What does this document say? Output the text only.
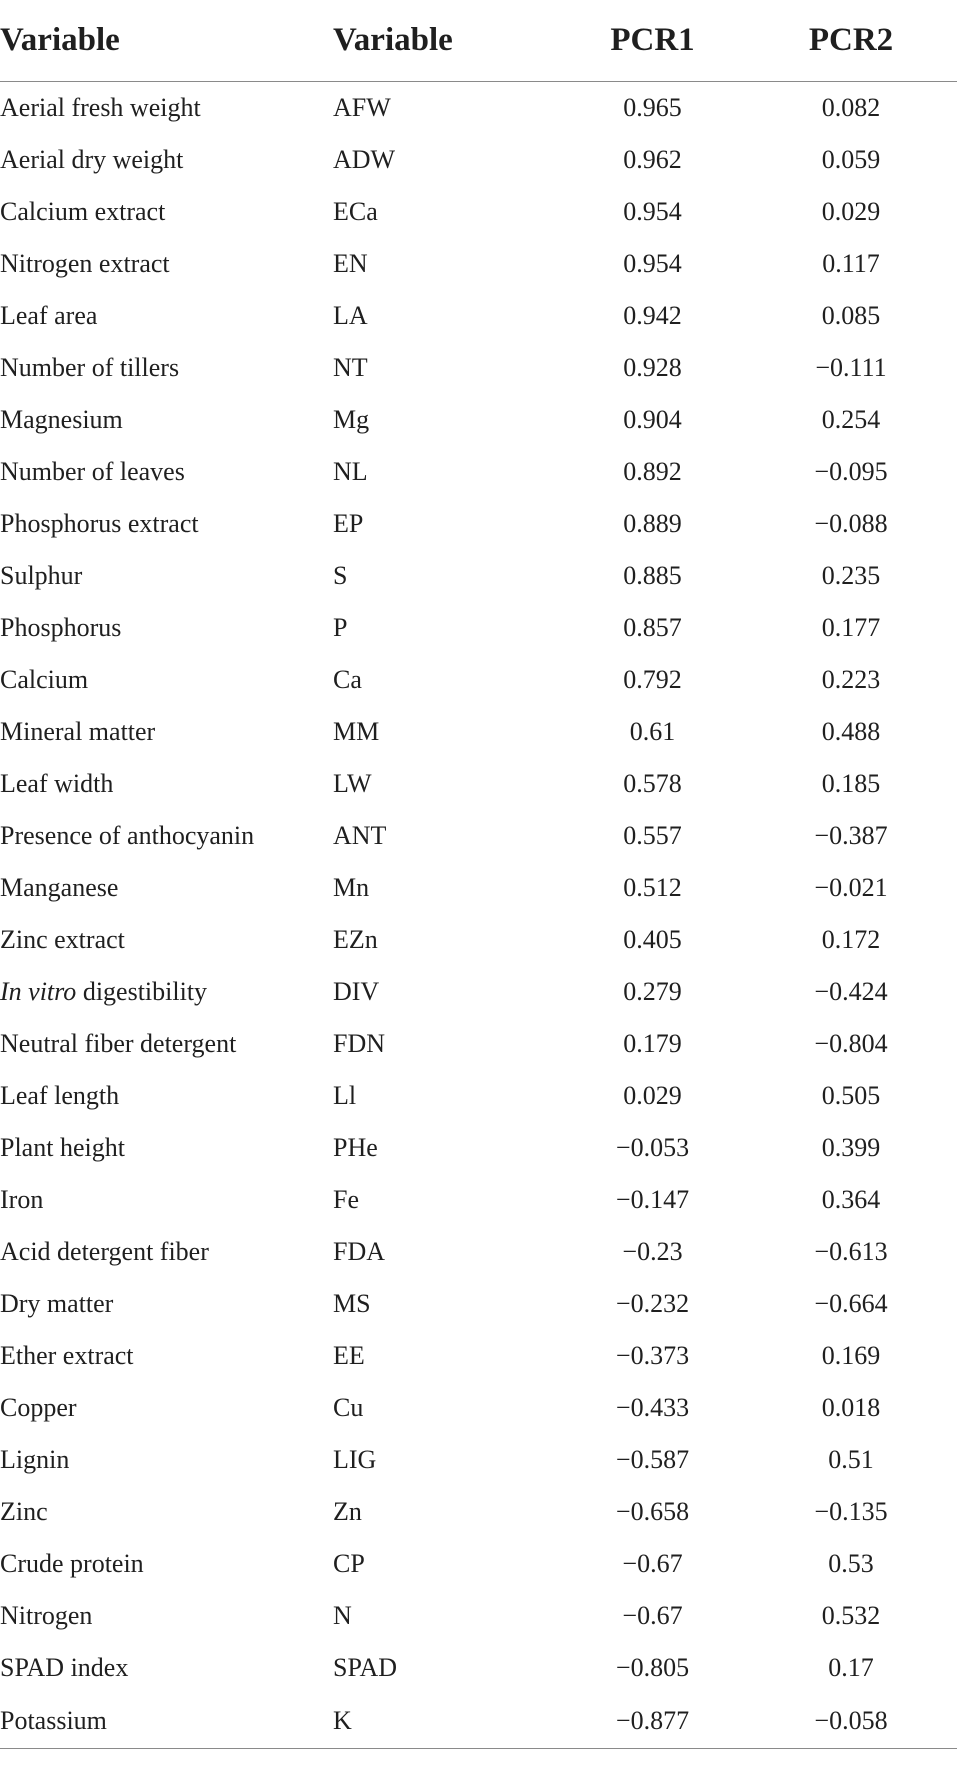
Variable	Variable	PCR1	PCR2
Aerial fresh weight	AFW	0.965	0.082
Aerial dry weight	ADW	0.962	0.059
Calcium extract	ECa	0.954	0.029
Nitrogen extract	EN	0.954	0.117
Leaf area	LA	0.942	0.085
Number of tillers	NT	0.928	−0.111
Magnesium	Mg	0.904	0.254
Number of leaves	NL	0.892	−0.095
Phosphorus extract	EP	0.889	−0.088
Sulphur	S	0.885	0.235
Phosphorus	P	0.857	0.177
Calcium	Ca	0.792	0.223
Mineral matter	MM	0.61	0.488
Leaf width	LW	0.578	0.185
Presence of anthocyanin	ANT	0.557	−0.387
Manganese	Mn	0.512	−0.021
Zinc extract	EZn	0.405	0.172
In vitro digestibility	DIV	0.279	−0.424
Neutral fiber detergent	FDN	0.179	−0.804
Leaf length	Ll	0.029	0.505
Plant height	PHe	−0.053	0.399
Iron	Fe	−0.147	0.364
Acid detergent fiber	FDA	−0.23	−0.613
Dry matter	MS	−0.232	−0.664
Ether extract	EE	−0.373	0.169
Copper	Cu	−0.433	0.018
Lignin	LIG	−0.587	0.51
Zinc	Zn	−0.658	−0.135
Crude protein	CP	−0.67	0.53
Nitrogen	N	−0.67	0.532
SPAD index	SPAD	−0.805	0.17
Potassium	K	−0.877	−0.058
